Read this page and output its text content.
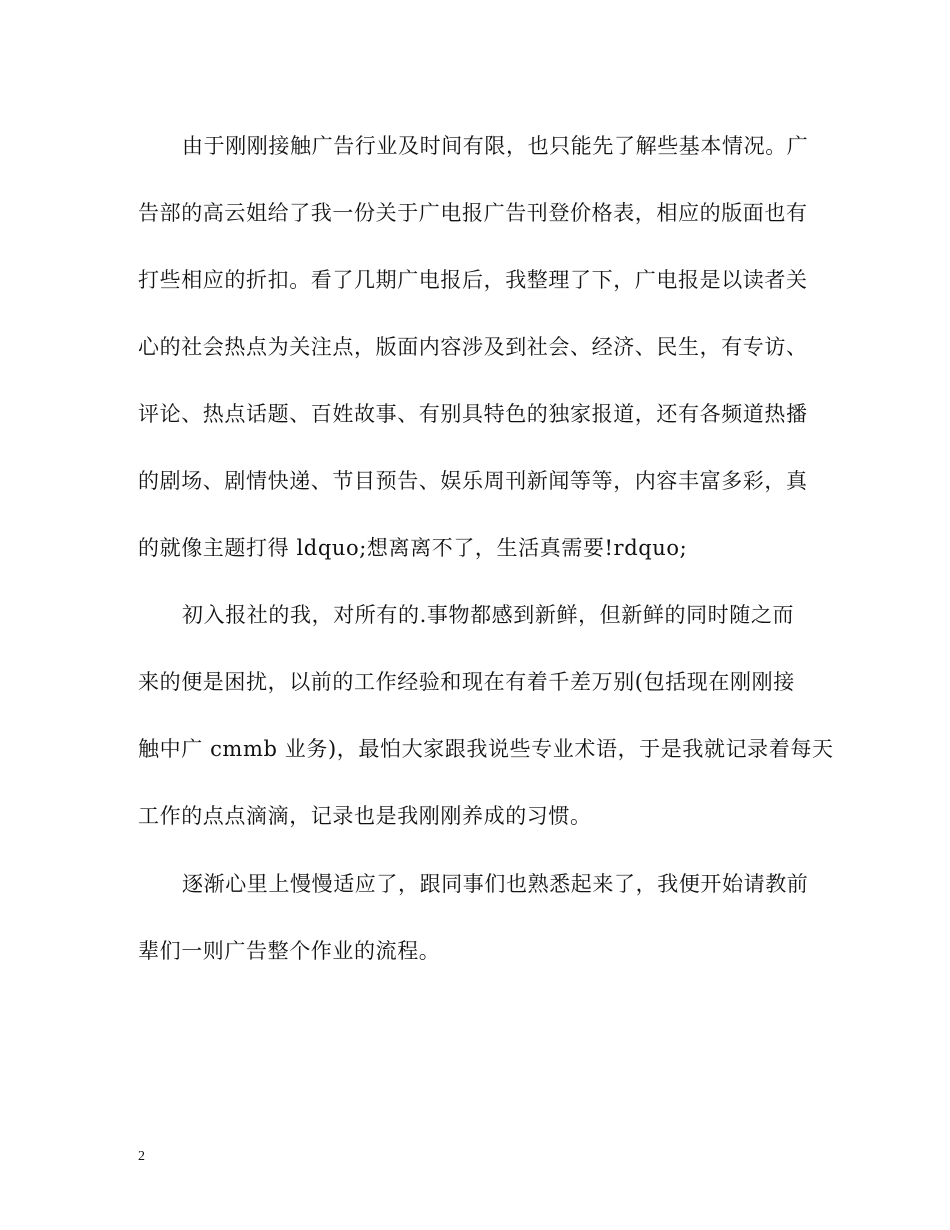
由于刚刚接触广告行业及时间有限，也只能先了解些基本情况。广
告部的高云姐给了我一份关于广电报广告刊登价格表，相应的版面也有
打些相应的折扣。看了几期广电报后，我整理了下，广电报是以读者关
心的社会热点为关注点，版面内容涉及到社会、经济、民生，有专访、
评论、热点话题、百姓故事、有别具特色的独家报道，还有各频道热播
的剧场、剧情快递、节目预告、娱乐周刊新闻等等，内容丰富多彩，真
的就像主题打得 ldquo;想离离不了，生活真需要!rdquo;
初入报社的我，对所有的.事物都感到新鲜，但新鲜的同时随之而
来的便是困扰，以前的工作经验和现在有着千差万别(包括现在刚刚接
触中广 cmmb 业务)，最怕大家跟我说些专业术语，于是我就记录着每天
工作的点点滴滴，记录也是我刚刚养成的习惯。
逐渐心里上慢慢适应了，跟同事们也熟悉起来了，我便开始请教前
辈们一则广告整个作业的流程。
2
